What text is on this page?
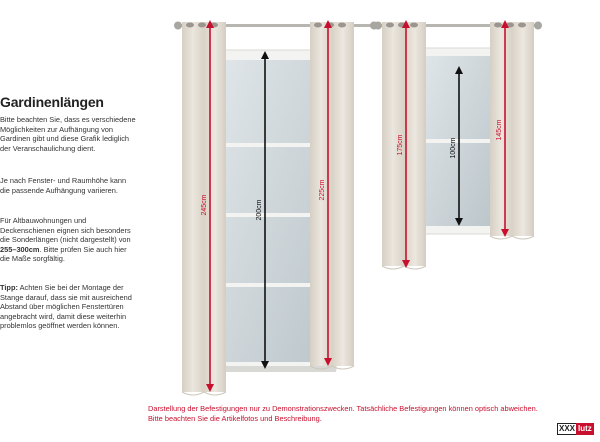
Gardinenlängen

Bitte beachten Sie, dass es verschiedene Möglichkeiten zur Aufhängung von Gardinen gibt und diese Grafik lediglich der Veranschaulichung dient.

Je nach Fenster- und Raumhöhe kann die passende Aufhängung variieren.

Für Altbauwohnungen und Deckenschienen eignen sich besonders die Sonderlängen (nicht dargestellt) von 255–300cm. Bitte prüfen Sie auch hier die Maße sorgfältig.

Tipp: Achten Sie bei der Montage der Stange darauf, dass sie mit ausreichend Abstand über möglichen Fenstertüren angebracht wird, damit diese weiterhin problemlos geöffnet werden können.

245cm	200cm
225cm
175cm	100cm
145cm
Darstellung der Befestigungen nur zu Demonstrationszwecken. Tatsächliche Befestigungen können optisch abweichen.
Bitte beachten Sie die Artikelfotos und Beschreibung.
XXX lutz
